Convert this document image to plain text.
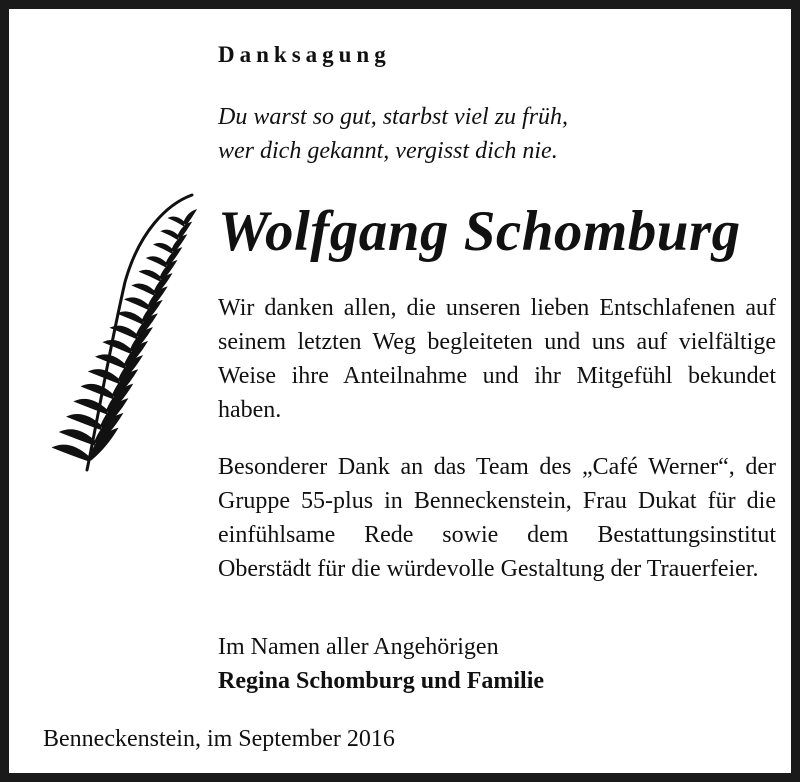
Danksagung
Du warst so gut, starbst viel zu früh,
wer dich gekannt, vergisst dich nie.
Wolfgang Schomburg
Wir danken allen, die unseren lieben Entschlafenen auf seinem letzten Weg begleiteten und uns auf vielfältige Weise ihre Anteilnahme und ihr Mitgefühl bekundet haben.
Besonderer Dank an das Team des „Café Werner“, der Gruppe 55-plus in Benneckenstein, Frau Dukat für die einfühlsame Rede sowie dem Bestattungsinstitut Oberstädt für die würdevolle Gestaltung der Trauerfeier.
Im Namen aller Angehörigen
Regina Schomburg und Familie
Benneckenstein, im September 2016
